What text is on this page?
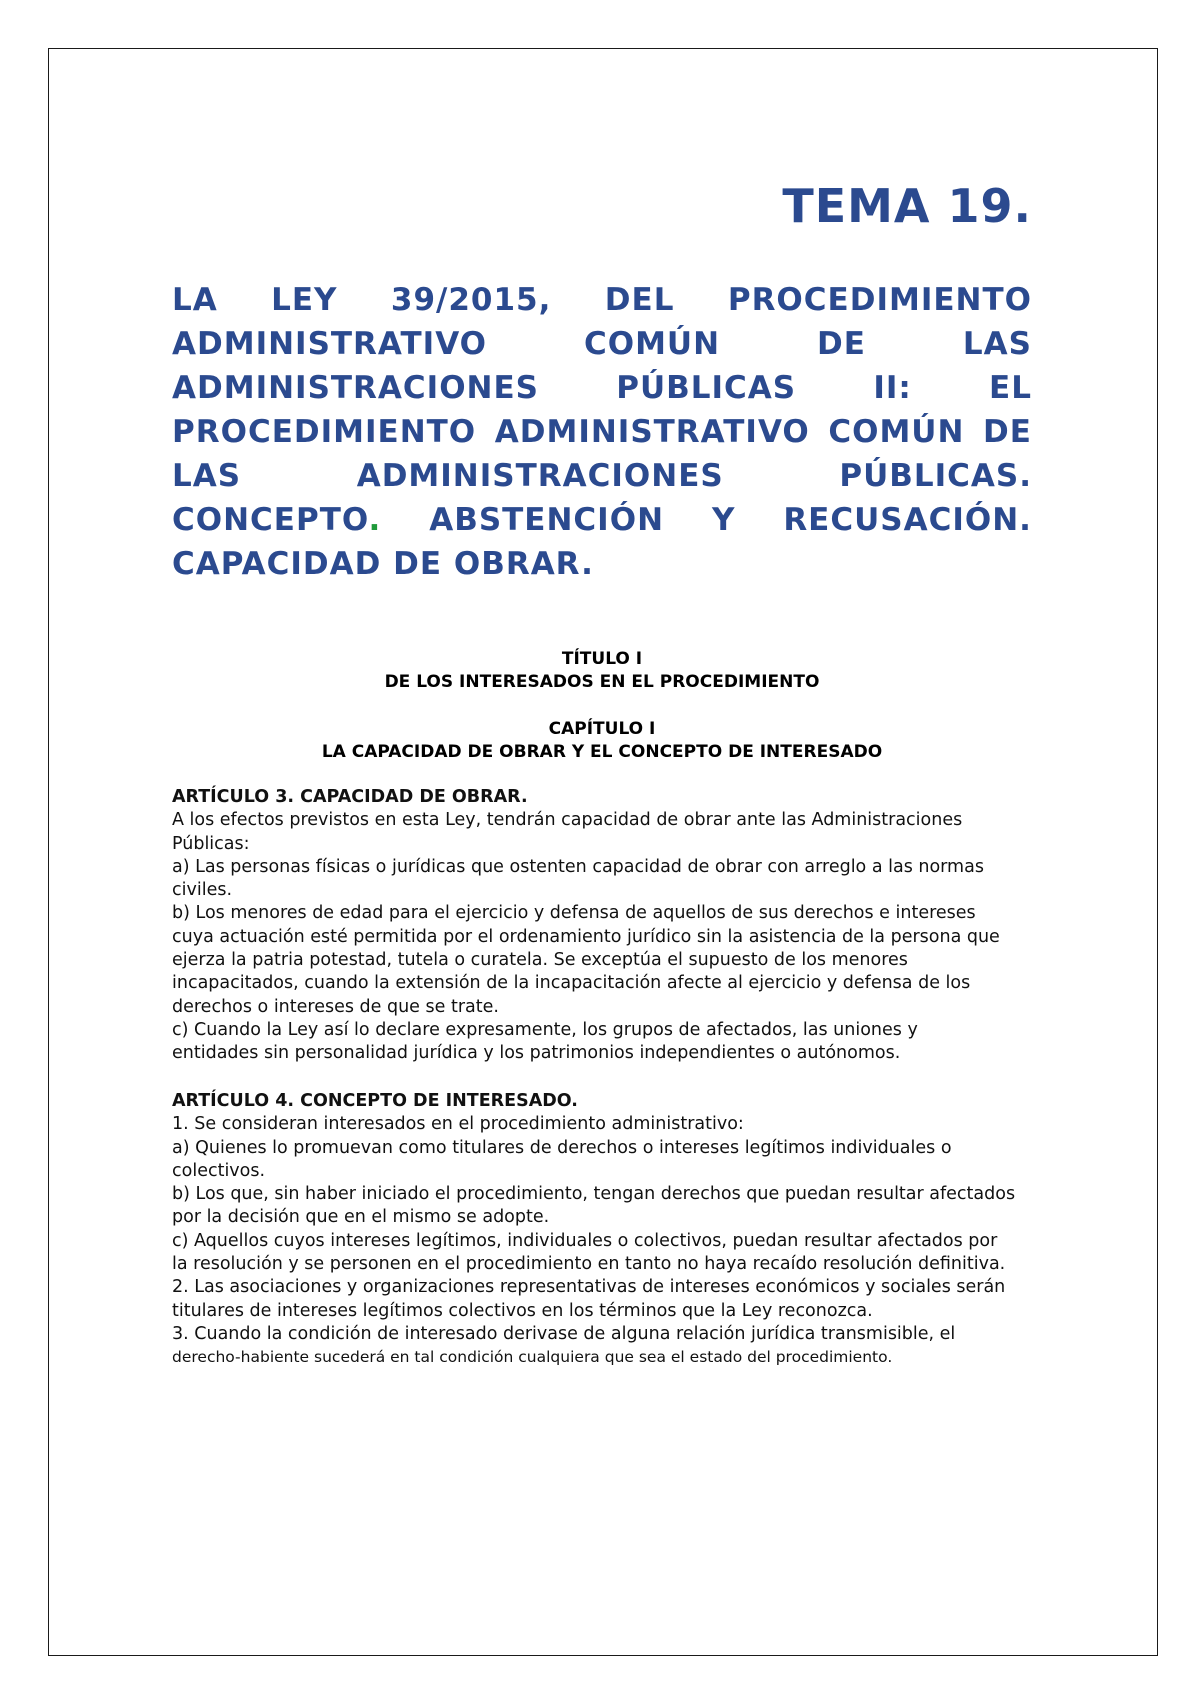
TEMA 19.
LA LEY 39/2015, DEL PROCEDIMIENTO
ADMINISTRATIVO	COMÚN	DE	LAS
ADMINISTRACIONES PÚBLICAS II: EL
PROCEDIMIENTO ADMINISTRATIVO COMÚN DE
LAS	ADMINISTRACIONES	PÚBLICAS.
CONCEPTO. ABSTENCIÓN Y RECUSACIÓN.
CAPACIDAD DE OBRAR.
TÍTULO I
DE LOS INTERESADOS EN EL PROCEDIMIENTO
CAPÍTULO I
LA CAPACIDAD DE OBRAR Y EL CONCEPTO DE INTERESADO

ARTÍCULO 3. CAPACIDAD DE OBRAR.

A los efectos previstos en esta Ley, tendrán capacidad de obrar ante las Administraciones

Públicas:

a) Las personas físicas o jurídicas que ostenten capacidad de obrar con arreglo a las normas

civiles.

b) Los menores de edad para el ejercicio y defensa de aquellos de sus derechos e intereses

cuya actuación esté permitida por el ordenamiento jurídico sin la asistencia de la persona que

ejerza la patria potestad, tutela o curatela. Se exceptúa el supuesto de los menores

incapacitados, cuando la extensión de la incapacitación afecte al ejercicio y defensa de los

derechos o intereses de que se trate.

c) Cuando la Ley así lo declare expresamente, los grupos de afectados, las uniones y

entidades sin personalidad jurídica y los patrimonios independientes o autónomos.

ARTÍCULO 4. CONCEPTO DE INTERESADO.

1. Se consideran interesados en el procedimiento administrativo:

a) Quienes lo promuevan como titulares de derechos o intereses legítimos individuales o

colectivos.

b) Los que, sin haber iniciado el procedimiento, tengan derechos que puedan resultar afectados

por la decisión que en el mismo se adopte.

c) Aquellos cuyos intereses legítimos, individuales o colectivos, puedan resultar afectados por

la resolución y se personen en el procedimiento en tanto no haya recaído resolución definitiva.

2. Las asociaciones y organizaciones representativas de intereses económicos y sociales serán

titulares de intereses legítimos colectivos en los términos que la Ley reconozca.

3. Cuando la condición de interesado derivase de alguna relación jurídica transmisible, el

derecho-habiente sucederá en tal condición cualquiera que sea el estado del procedimiento.
